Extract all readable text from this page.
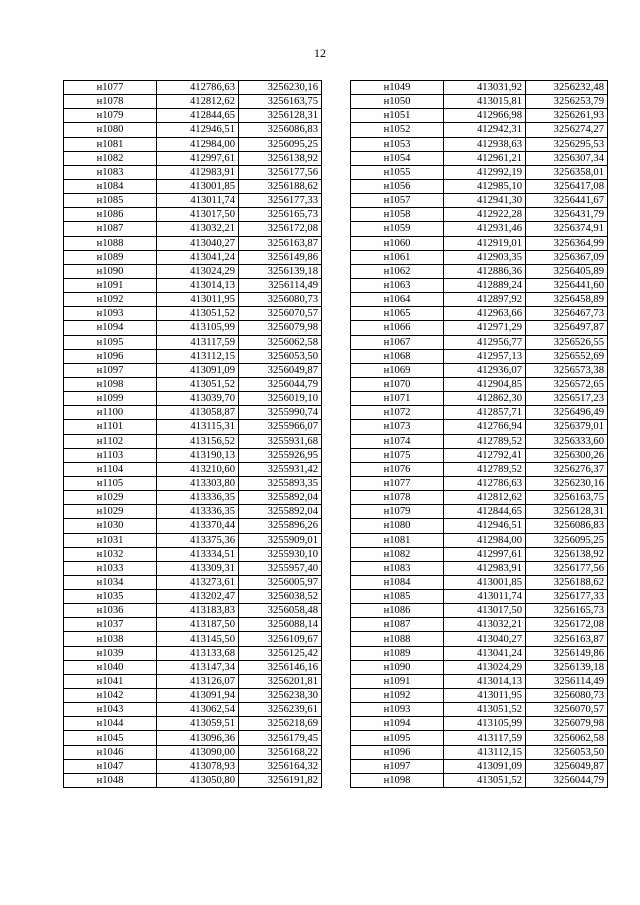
12
н1077	412786,63	3256230,16
н1078	412812,62	3256163,75
н1079	412844,65	3256128,31
н1080	412946,51	3256086,83
н1081	412984,00	3256095,25
н1082	412997,61	3256138,92
н1083	412983,91	3256177,56
н1084	413001,85	3256188,62
н1085	413011,74	3256177,33
н1086	413017,50	3256165,73
н1087	413032,21	3256172,08
н1088	413040,27	3256163,87
н1089	413041,24	3256149,86
н1090	413024,29	3256139,18
н1091	413014,13	3256114,49
н1092	413011,95	3256080,73
н1093	413051,52	3256070,57
н1094	413105,99	3256079,98
н1095	413117,59	3256062,58
н1096	413112,15	3256053,50
н1097	413091,09	3256049,87
н1098	413051,52	3256044,79
н1099	413039,70	3256019,10
н1100	413058,87	3255990,74
н1101	413115,31	3255966,07
н1102	413156,52	3255931,68
н1103	413190,13	3255926,95
н1104	413210,60	3255931,42
н1105	413303,80	3255893,35
н1029	413336,35	3255892,04
н1029	413336,35	3255892,04
н1030	413370,44	3255896,26
н1031	413375,36	3255909,01
н1032	413334,51	3255930,10
н1033	413309,31	3255957,40
н1034	413273,61	3256005,97
н1035	413202,47	3256038,52
н1036	413183,83	3256058,48
н1037	413187,50	3256088,14
н1038	413145,50	3256109,67
н1039	413133,68	3256125,42
н1040	413147,34	3256146,16
н1041	413126,07	3256201,81
н1042	413091,94	3256238,30
н1043	413062,54	3256239,61
н1044	413059,51	3256218,69
н1045	413096,36	3256179,45
н1046	413090,00	3256168,22
н1047	413078,93	3256164,32
н1048	413050,80	3256191,82
н1049	413031,92	3256232,48
н1050	413015,81	3256253,79
н1051	412966,98	3256261,93
н1052	412942,31	3256274,27
н1053	412938,63	3256295,53
н1054	412961,21	3256307,34
н1055	412992,19	3256358,01
н1056	412985,10	3256417,08
н1057	412941,30	3256441,67
н1058	412922,28	3256431,79
н1059	412931,46	3256374,91
н1060	412919,01	3256364,99
н1061	412903,35	3256367,09
н1062	412886,36	3256405,89
н1063	412889,24	3256441,60
н1064	412897,92	3256458,89
н1065	412963,66	3256467,73
н1066	412971,29	3256497,87
н1067	412956,77	3256526,55
н1068	412957,13	3256552,69
н1069	412936,07	3256573,38
н1070	412904,85	3256572,65
н1071	412862,30	3256517,23
н1072	412857,71	3256496,49
н1073	412766,94	3256379,01
н1074	412789,52	3256333,60
н1075	412792,41	3256300,26
н1076	412789,52	3256276,37
н1077	412786,63	3256230,16
н1078	412812,62	3256163,75
н1079	412844,65	3256128,31
н1080	412946,51	3256086,83
н1081	412984,00	3256095,25
н1082	412997,61	3256138,92
н1083	412983,91	3256177,56
н1084	413001,85	3256188,62
н1085	413011,74	3256177,33
н1086	413017,50	3256165,73
н1087	413032,21	3256172,08
н1088	413040,27	3256163,87
н1089	413041,24	3256149,86
н1090	413024,29	3256139,18
н1091	413014,13	3256114,49
н1092	413011,95	3256080,73
н1093	413051,52	3256070,57
н1094	413105,99	3256079,98
н1095	413117,59	3256062,58
н1096	413112,15	3256053,50
н1097	413091,09	3256049,87
н1098	413051,52	3256044,79
